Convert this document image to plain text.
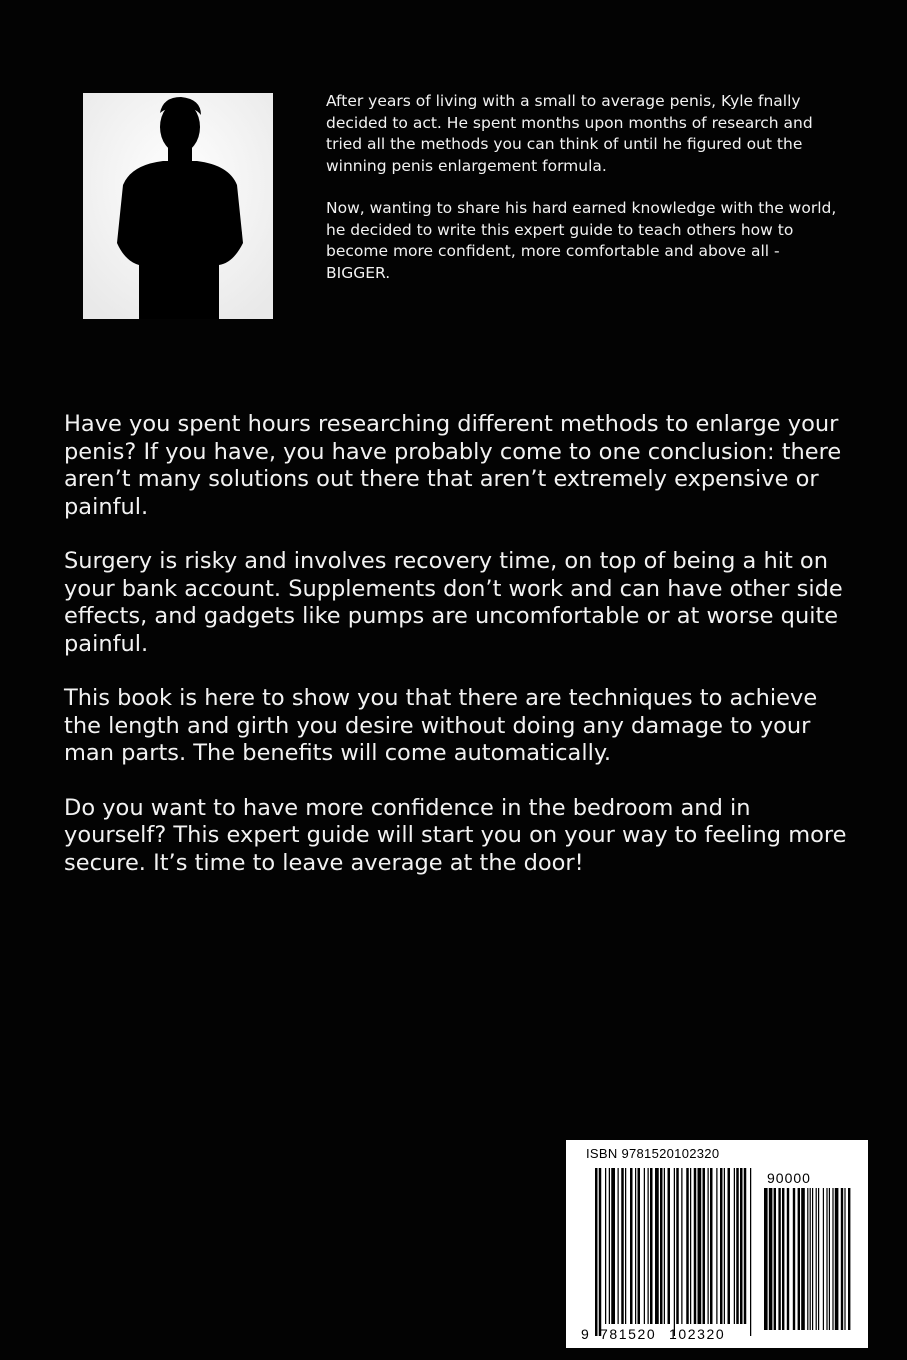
After years of living with a small to average penis, Kyle fnally decided to act. He spent months upon months of research and tried all the methods you can think of until he figured out the winning penis enlargement formula.

Now, wanting to share his hard earned knowledge with the world, he decided to write this expert guide to teach others how to become more confident, more comfortable and above all - BIGGER.

Have you spent hours researching different methods to enlarge your penis? If you have, you have probably come to one conclusion: there aren’t many solutions out there that aren’t extremely expensive or painful.

Surgery is risky and involves recovery time, on top of being a hit on your bank account. Supplements don’t work and can have other side effects, and gadgets like pumps are uncomfortable or at worse quite painful.

This book is here to show you that there are techniques to achieve the length and girth you desire without doing any damage to your man parts. The benefits will come automatically.

Do you want to have more confidence in the bedroom and in yourself? This expert guide will start you on your way to feeling more secure. It’s time to leave average at the door!

ISBN 9781520102320
90000
9 781520 102320
